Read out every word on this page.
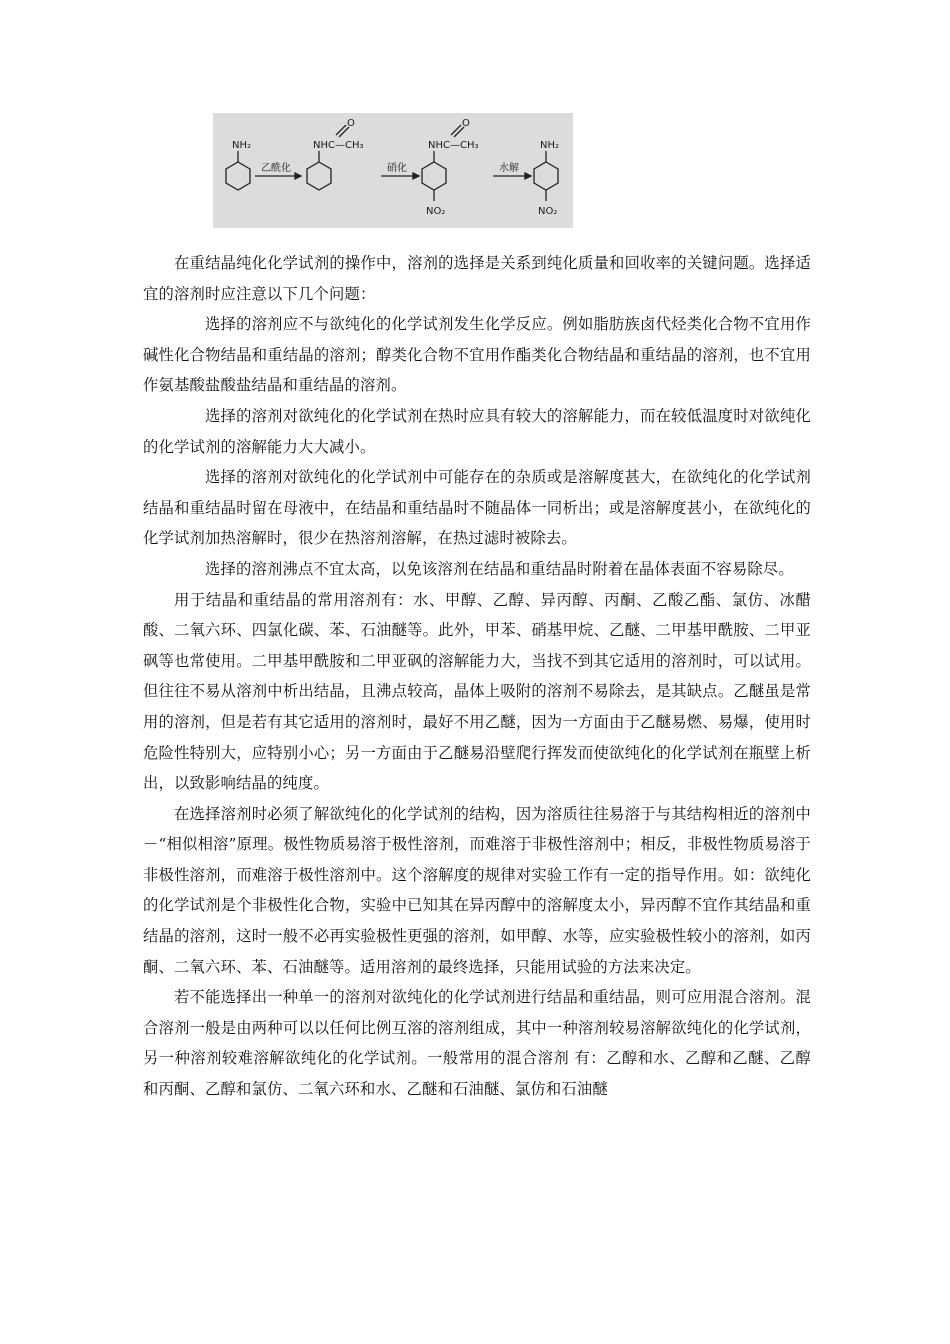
NH₂
乙酰化
O
NHC—CH₃
硝化
O
NHC—CH₃
NO₂
水解
NH₂
NO₂

在重结晶纯化化学试剂的操作中，溶剂的选择是关系到纯化质量和回收率的关键问题。选择适宜的溶剂时应注意以下几个问题：

选择的溶剂应不与欲纯化的化学试剂发生化学反应。例如脂肪族卤代烃类化合物不宜用作碱性化合物结晶和重结晶的溶剂；醇类化合物不宜用作酯类化合物结晶和重结晶的溶剂，也不宜用作氨基酸盐酸盐结晶和重结晶的溶剂。

选择的溶剂对欲纯化的化学试剂在热时应具有较大的溶解能力，而在较低温度时对欲纯化的化学试剂的溶解能力大大减小。

选择的溶剂对欲纯化的化学试剂中可能存在的杂质或是溶解度甚大，在欲纯化的化学试剂结晶和重结晶时留在母液中，在结晶和重结晶时不随晶体一同析出；或是溶解度甚小，在欲纯化的化学试剂加热溶解时，很少在热溶剂溶解，在热过滤时被除去。

选择的溶剂沸点不宜太高，以免该溶剂在结晶和重结晶时附着在晶体表面不容易除尽。

用于结晶和重结晶的常用溶剂有：水、甲醇、乙醇、异丙醇、丙酮、乙酸乙酯、氯仿、冰醋酸、二氧六环、四氯化碳、苯、石油醚等。此外，甲苯、硝基甲烷、乙醚、二甲基甲酰胺、二甲亚砜等也常使用。二甲基甲酰胺和二甲亚砜的溶解能力大，当找不到其它适用的溶剂时，可以试用。但往往不易从溶剂中析出结晶，且沸点较高，晶体上吸附的溶剂不易除去，是其缺点。乙醚虽是常用的溶剂，但是若有其它适用的溶剂时，最好不用乙醚，因为一方面由于乙醚易燃、易爆，使用时危险性特别大，应特别小心；另一方面由于乙醚易沿壁爬行挥发而使欲纯化的化学试剂在瓶壁上析出，以致影响结晶的纯度。

在选择溶剂时必须了解欲纯化的化学试剂的结构，因为溶质往往易溶于与其结构相近的溶剂中－“相似相溶”原理。极性物质易溶于极性溶剂，而难溶于非极性溶剂中；相反，非极性物质易溶于非极性溶剂，而难溶于极性溶剂中。这个溶解度的规律对实验工作有一定的指导作用。如：欲纯化的化学试剂是个非极性化合物，实验中已知其在异丙醇中的溶解度太小，异丙醇不宜作其结晶和重结晶的溶剂，这时一般不必再实验极性更强的溶剂，如甲醇、水等，应实验极性较小的溶剂，如丙酮、二氧六环、苯、石油醚等。适用溶剂的最终选择，只能用试验的方法来决定。

若不能选择出一种单一的溶剂对欲纯化的化学试剂进行结晶和重结晶，则可应用混合溶剂。混合溶剂一般是由两种可以以任何比例互溶的溶剂组成，其中一种溶剂较易溶解欲纯化的化学试剂，另一种溶剂较难溶解欲纯化的化学试剂。一般常用的混合溶剂 有：乙醇和水、乙醇和乙醚、乙醇和丙酮、乙醇和氯仿、二氧六环和水、乙醚和石油醚、氯仿和石油醚
